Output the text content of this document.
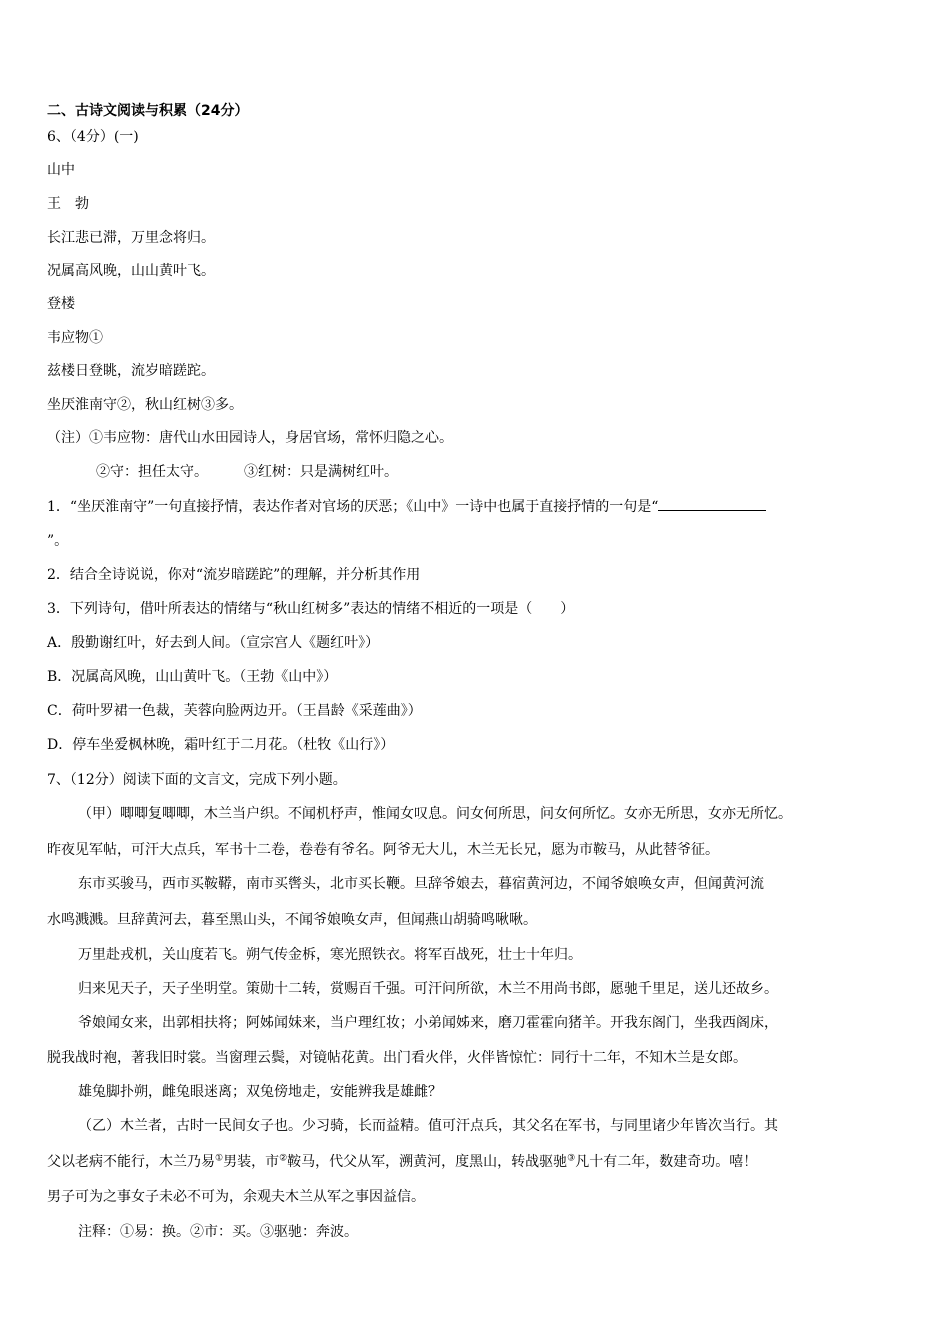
二、古诗文阅读与积累（24分）
6、（4分）(一)
山中
王　勃
长江悲已滞，万里念将归。
况属高风晚，山山黄叶飞。
登楼
韦应物①
兹楼日登眺，流岁暗蹉跎。
坐厌淮南守②，秋山红树③多。
（注）①韦应物：唐代山水田园诗人，身居官场，常怀归隐之心。
②守：担任太守。	③红树：只是满树红叶。
1．“坐厌淮南守”一句直接抒情，表达作者对官场的厌恶；《山中》一诗中也属于直接抒情的一句是“
”。
2．结合全诗说说，你对“流岁暗蹉跎”的理解，并分析其作用
3．下列诗句，借叶所表达的情绪与“秋山红树多”表达的情绪不相近的一项是（　　）
A．殷勤谢红叶，好去到人间。（宣宗宫人《题红叶》）
B．况属高风晚，山山黄叶飞。（王勃《山中》）
C．荷叶罗裙一色裁，芙蓉向脸两边开。（王昌龄《采莲曲》）
D．停车坐爱枫林晚，霜叶红于二月花。（杜牧《山行》）
7、（12分）阅读下面的文言文，完成下列小题。
（甲）唧唧复唧唧，木兰当户织。不闻机杼声，惟闻女叹息。问女何所思，问女何所忆。女亦无所思，女亦无所忆。
昨夜见军帖，可汗大点兵，军书十二卷，卷卷有爷名。阿爷无大儿，木兰无长兄，愿为市鞍马，从此替爷征。
东市买骏马，西市买鞍鞯，南市买辔头，北市买长鞭。旦辞爷娘去，暮宿黄河边，不闻爷娘唤女声，但闻黄河流
水鸣溅溅。旦辞黄河去，暮至黑山头，不闻爷娘唤女声，但闻燕山胡骑鸣啾啾。
万里赴戎机，关山度若飞。朔气传金柝，寒光照铁衣。将军百战死，壮士十年归。
归来见天子，天子坐明堂。策勋十二转，赏赐百千强。可汗问所欲，木兰不用尚书郎，愿驰千里足，送儿还故乡。
爷娘闻女来，出郭相扶将；阿姊闻妹来，当户理红妆；小弟闻姊来，磨刀霍霍向猪羊。开我东阁门，坐我西阁床，
脱我战时袍，著我旧时裳。当窗理云鬓，对镜帖花黄。出门看火伴，火伴皆惊忙：同行十二年，不知木兰是女郎。
雄兔脚扑朔，雌兔眼迷离；双兔傍地走，安能辨我是雄雌？
（乙）木兰者，古时一民间女子也。少习骑，长而益精。值可汗点兵，其父名在军书，与同里诸少年皆次当行。其
父以老病不能行，木兰乃易①男装，市②鞍马，代父从军，溯黄河，度黑山，转战驱驰③凡十有二年，数建奇功。嘻！
男子可为之事女子未必不可为，余观夫木兰从军之事因益信。
注释：①易：换。②市：买。③驱驰：奔波。
